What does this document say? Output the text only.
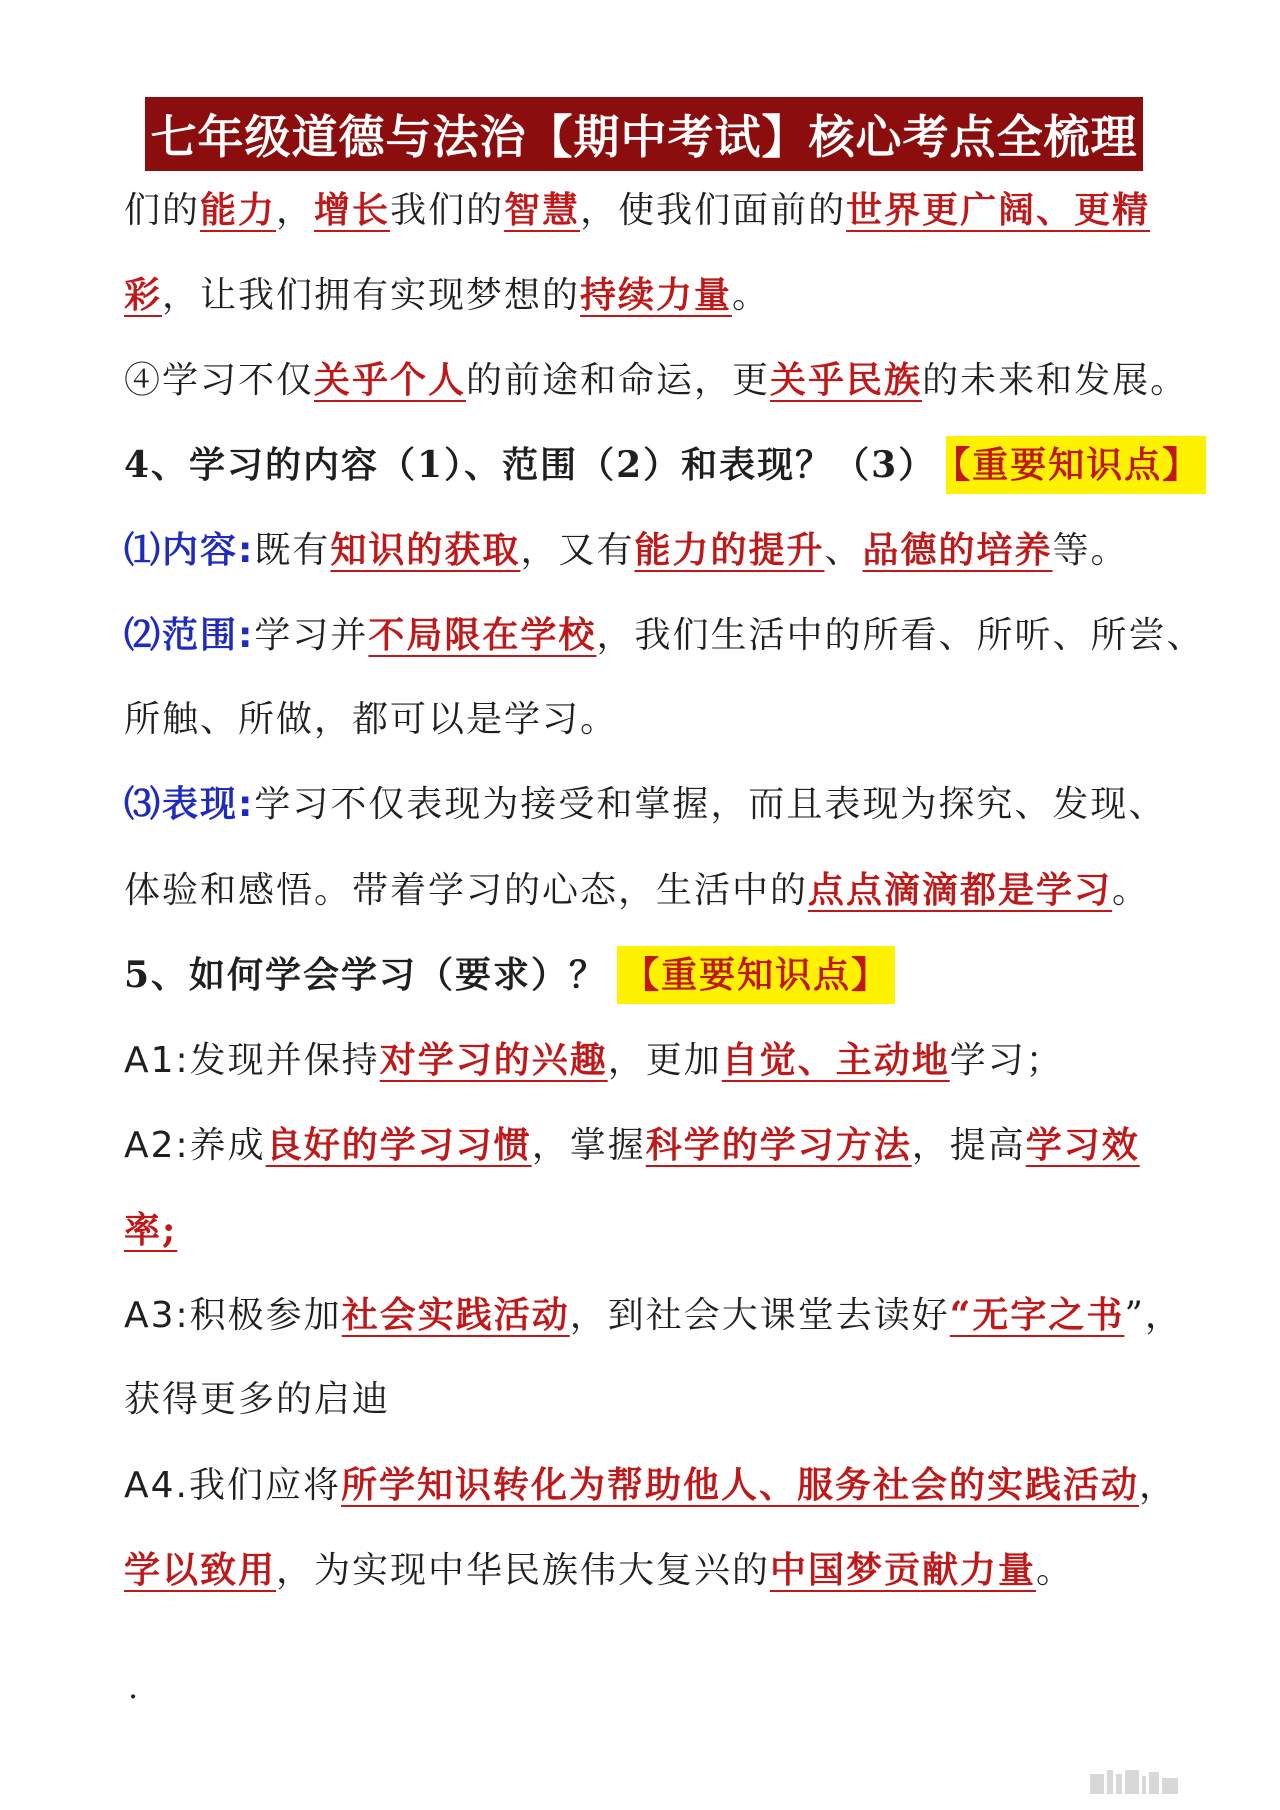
七年级道德与法治【期中考试】核心考点全梳理
们的能力，增长我们的智慧，使我们面前的世界更广阔、更精
彩，让我们拥有实现梦想的持续力量。
④学习不仅关乎个人的前途和命运，更关乎民族的未来和发展。
4、学习的内容（1）、范围（2）和表现？（3） 【重要知识点】
⑴内容:既有知识的获取，又有能力的提升、品德的培养等。
⑵范围:学习并不局限在学校，我们生活中的所看、所听、所尝、
所触、所做，都可以是学习。
⑶表现:学习不仅表现为接受和掌握，而且表现为探究、发现、
体验和感悟。带着学习的心态，生活中的点点滴滴都是学习。
5、如何学会学习（要求）？ 【重要知识点】
A1:发现并保持对学习的兴趣，更加自觉、主动地学习；
A2:养成良好的学习习惯，掌握科学的学习方法，提高学习效
率;
A3:积极参加社会实践活动，到社会大课堂去读好“无字之书”，
获得更多的启迪
A4.我们应将所学知识转化为帮助他人、服务社会的实践活动，
学以致用，为实现中华民族伟大复兴的中国梦贡献力量。
.
